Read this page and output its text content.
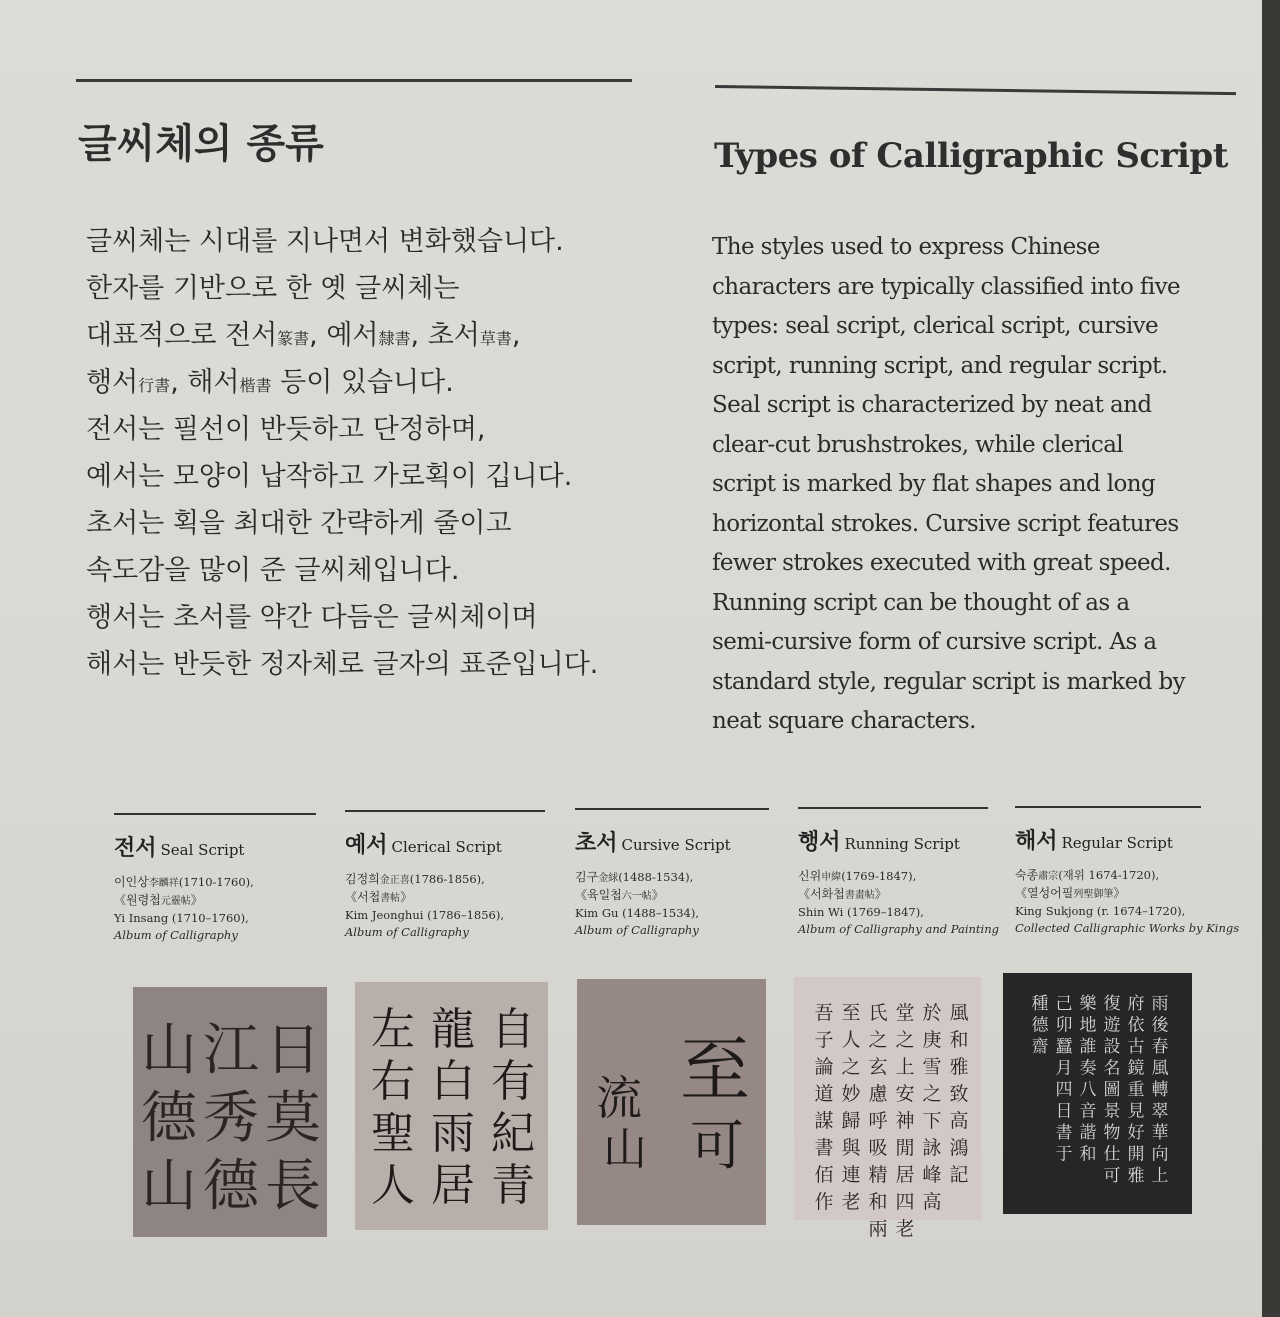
글씨체의 종류	Types of Calligraphic Script
글씨체는 시대를 지나면서 변화했습니다.
한자를 기반으로 한 옛 글씨체는
대표적으로 전서篆書, 예서隸書, 초서草書,
행서行書, 해서楷書 등이 있습니다.
전서는 필선이 반듯하고 단정하며,
예서는 모양이 납작하고 가로획이 깁니다.
초서는 획을 최대한 간략하게 줄이고
속도감을 많이 준 글씨체입니다.
행서는 초서를 약간 다듬은 글씨체이며
해서는 반듯한 정자체로 글자의 표준입니다.
The styles used to express Chinese
characters are typically classified into five
types: seal script, clerical script, cursive
script, running script, and regular script.
Seal script is characterized by neat and
clear-cut brushstrokes, while clerical
script is marked by flat shapes and long
horizontal strokes. Cursive script features
fewer strokes executed with great speed.
Running script can be thought of as a
semi-cursive form of cursive script. As a
standard style, regular script is marked by
neat square characters.
전서 Seal Script
이인상李麟祥(1710-1760),
《원령첩元靈帖》
Yi Insang (1710–1760),
Album of Calligraphy
예서 Clerical Script
김정희金正喜(1786-1856),
《서첩書帖》
Kim Jeonghui (1786–1856),
Album of Calligraphy
초서 Cursive Script
김구金絿(1488-1534),
《육일첩六一帖》
Kim Gu (1488–1534),
Album of Calligraphy
행서 Running Script
신위申緯(1769-1847),
《서화첩書畫帖》
Shin Wi (1769–1847),
Album of Calligraphy and Painting
해서 Regular Script
숙종肅宗(재위 1674-1720),
《열성어필列聖御筆》
King Sukjong (r. 1674–1720),
Collected Calligraphic Works by Kings
日
莫
長
江
秀
德
山
德
山
自
有
紀
青
龍
白
雨
居
左
右
聖
人
至
可
流
山
風
和
雅
致
高
鴻
記
於
庚
雪
之
下
詠
峰
高
堂
之
上
安
神
閒
居
四
老
氏
之
玄
慮
呼
吸
精
和
兩
至
人
之
妙
歸
與
連
老
吾
子
論
道
謀
書
佰
作
雨
後
春
風
轉
翠
華
向
上
府
依
古
鏡
重
見
好
開
雅
復
遊
設
名
圖
景
物
仕
可
樂
地
誰
奏
八
音
諧
和
己
卯
蠶
月
四
日
書
于
種
德
齋
